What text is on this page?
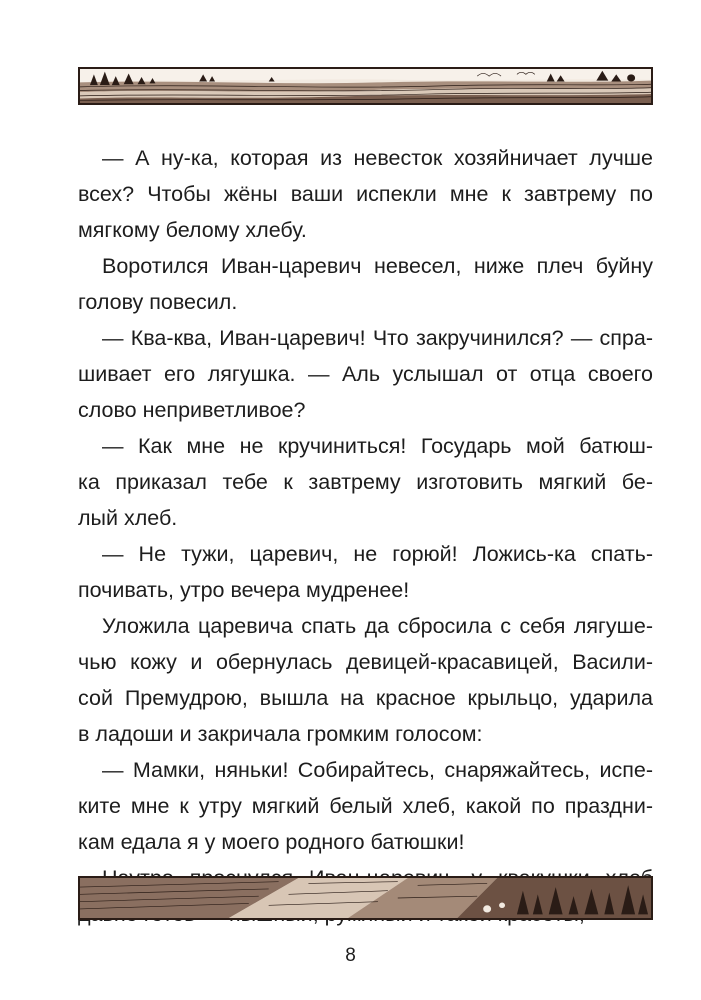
— А ну-ка, которая из невесток хозяйничает лучше
всех? Чтобы жёны ваши испекли мне к завтрему по
мягкому белому хлебу.
Воротился Иван-царевич невесел, ниже плеч буйну
голову повесил.
— Ква-ква, Иван-царевич! Что закручинился? — спра-
шивает его лягушка. — Аль услышал от отца своего
слово неприветливое?
— Как мне не кручиниться! Государь мой батюш-
ка приказал тебе к завтрему изготовить мягкий бе-
лый хлеб.
— Не тужи, царевич, не горюй! Ложись-ка спать-
почивать, утро вечера мудренее!
Уложила царевича спать да сбросила с себя лягуше-
чью кожу и обернулась девицей-красавицей, Васили-
сой Премудрою, вышла на красное крыльцо, ударила
в ладоши и закричала громким голосом:
— Мамки, няньки! Собирайтесь, снаряжайтесь, испе-
ките мне к утру мягкий белый хлеб, какой по праздни-
кам едала я у моего родного батюшки!
8
